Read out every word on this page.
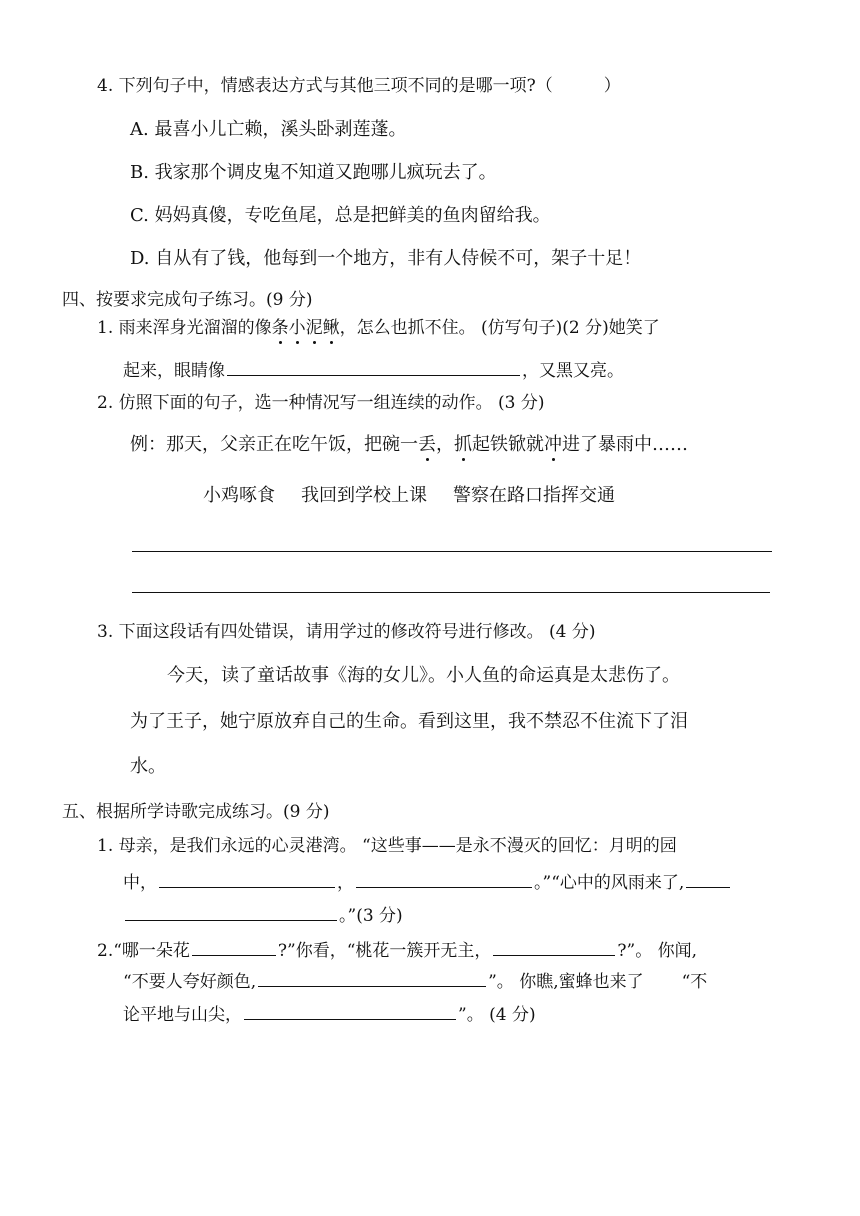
4. 下列句子中，情感表达方式与其他三项不同的是哪一项?（　　　）
A. 最喜小儿亡赖，溪头卧剥莲蓬。
B. 我家那个调皮鬼不知道又跑哪儿疯玩去了。
C. 妈妈真傻，专吃鱼尾，总是把鲜美的鱼肉留给我。
D. 自从有了钱，他每到一个地方，非有人侍候不可，架子十足！
四、按要求完成句子练习。(9 分)
1. 雨来浑身光溜溜的像条小泥鳅，怎么也抓不住。 (仿写句子)(2 分)她笑了
起来，眼睛像	，又黑又亮。
2. 仿照下面的句子，选一种情况写一组连续的动作。 (3 分)
例：那天，父亲正在吃午饭，把碗一丢，抓起铁锨就冲进了暴雨中……
小鸡啄食 我回到学校上课 警察在路口指挥交通
3. 下面这段话有四处错误，请用学过的修改符号进行修改。 (4 分)
今天，读了童话故事《海的女儿》。小人鱼的命运真是太悲伤了。
为了王子，她宁原放弃自己的生命。看到这里，我不禁忍不住流下了泪
水。
五、根据所学诗歌完成练习。(9 分)
1. 母亲，是我们永远的心灵港湾。 “这些事——是永不漫灭的回忆：月明的园
中，	，	。”“心中的风雨来了,
。”(3 分)
2.“哪一朵花	?”你看，“桃花一簇开无主，	?”。 你闻,
“不要人夸好颜色,	”。 你瞧,蜜蜂也来了 “不
论平地与山尖，	”。 (4 分)
